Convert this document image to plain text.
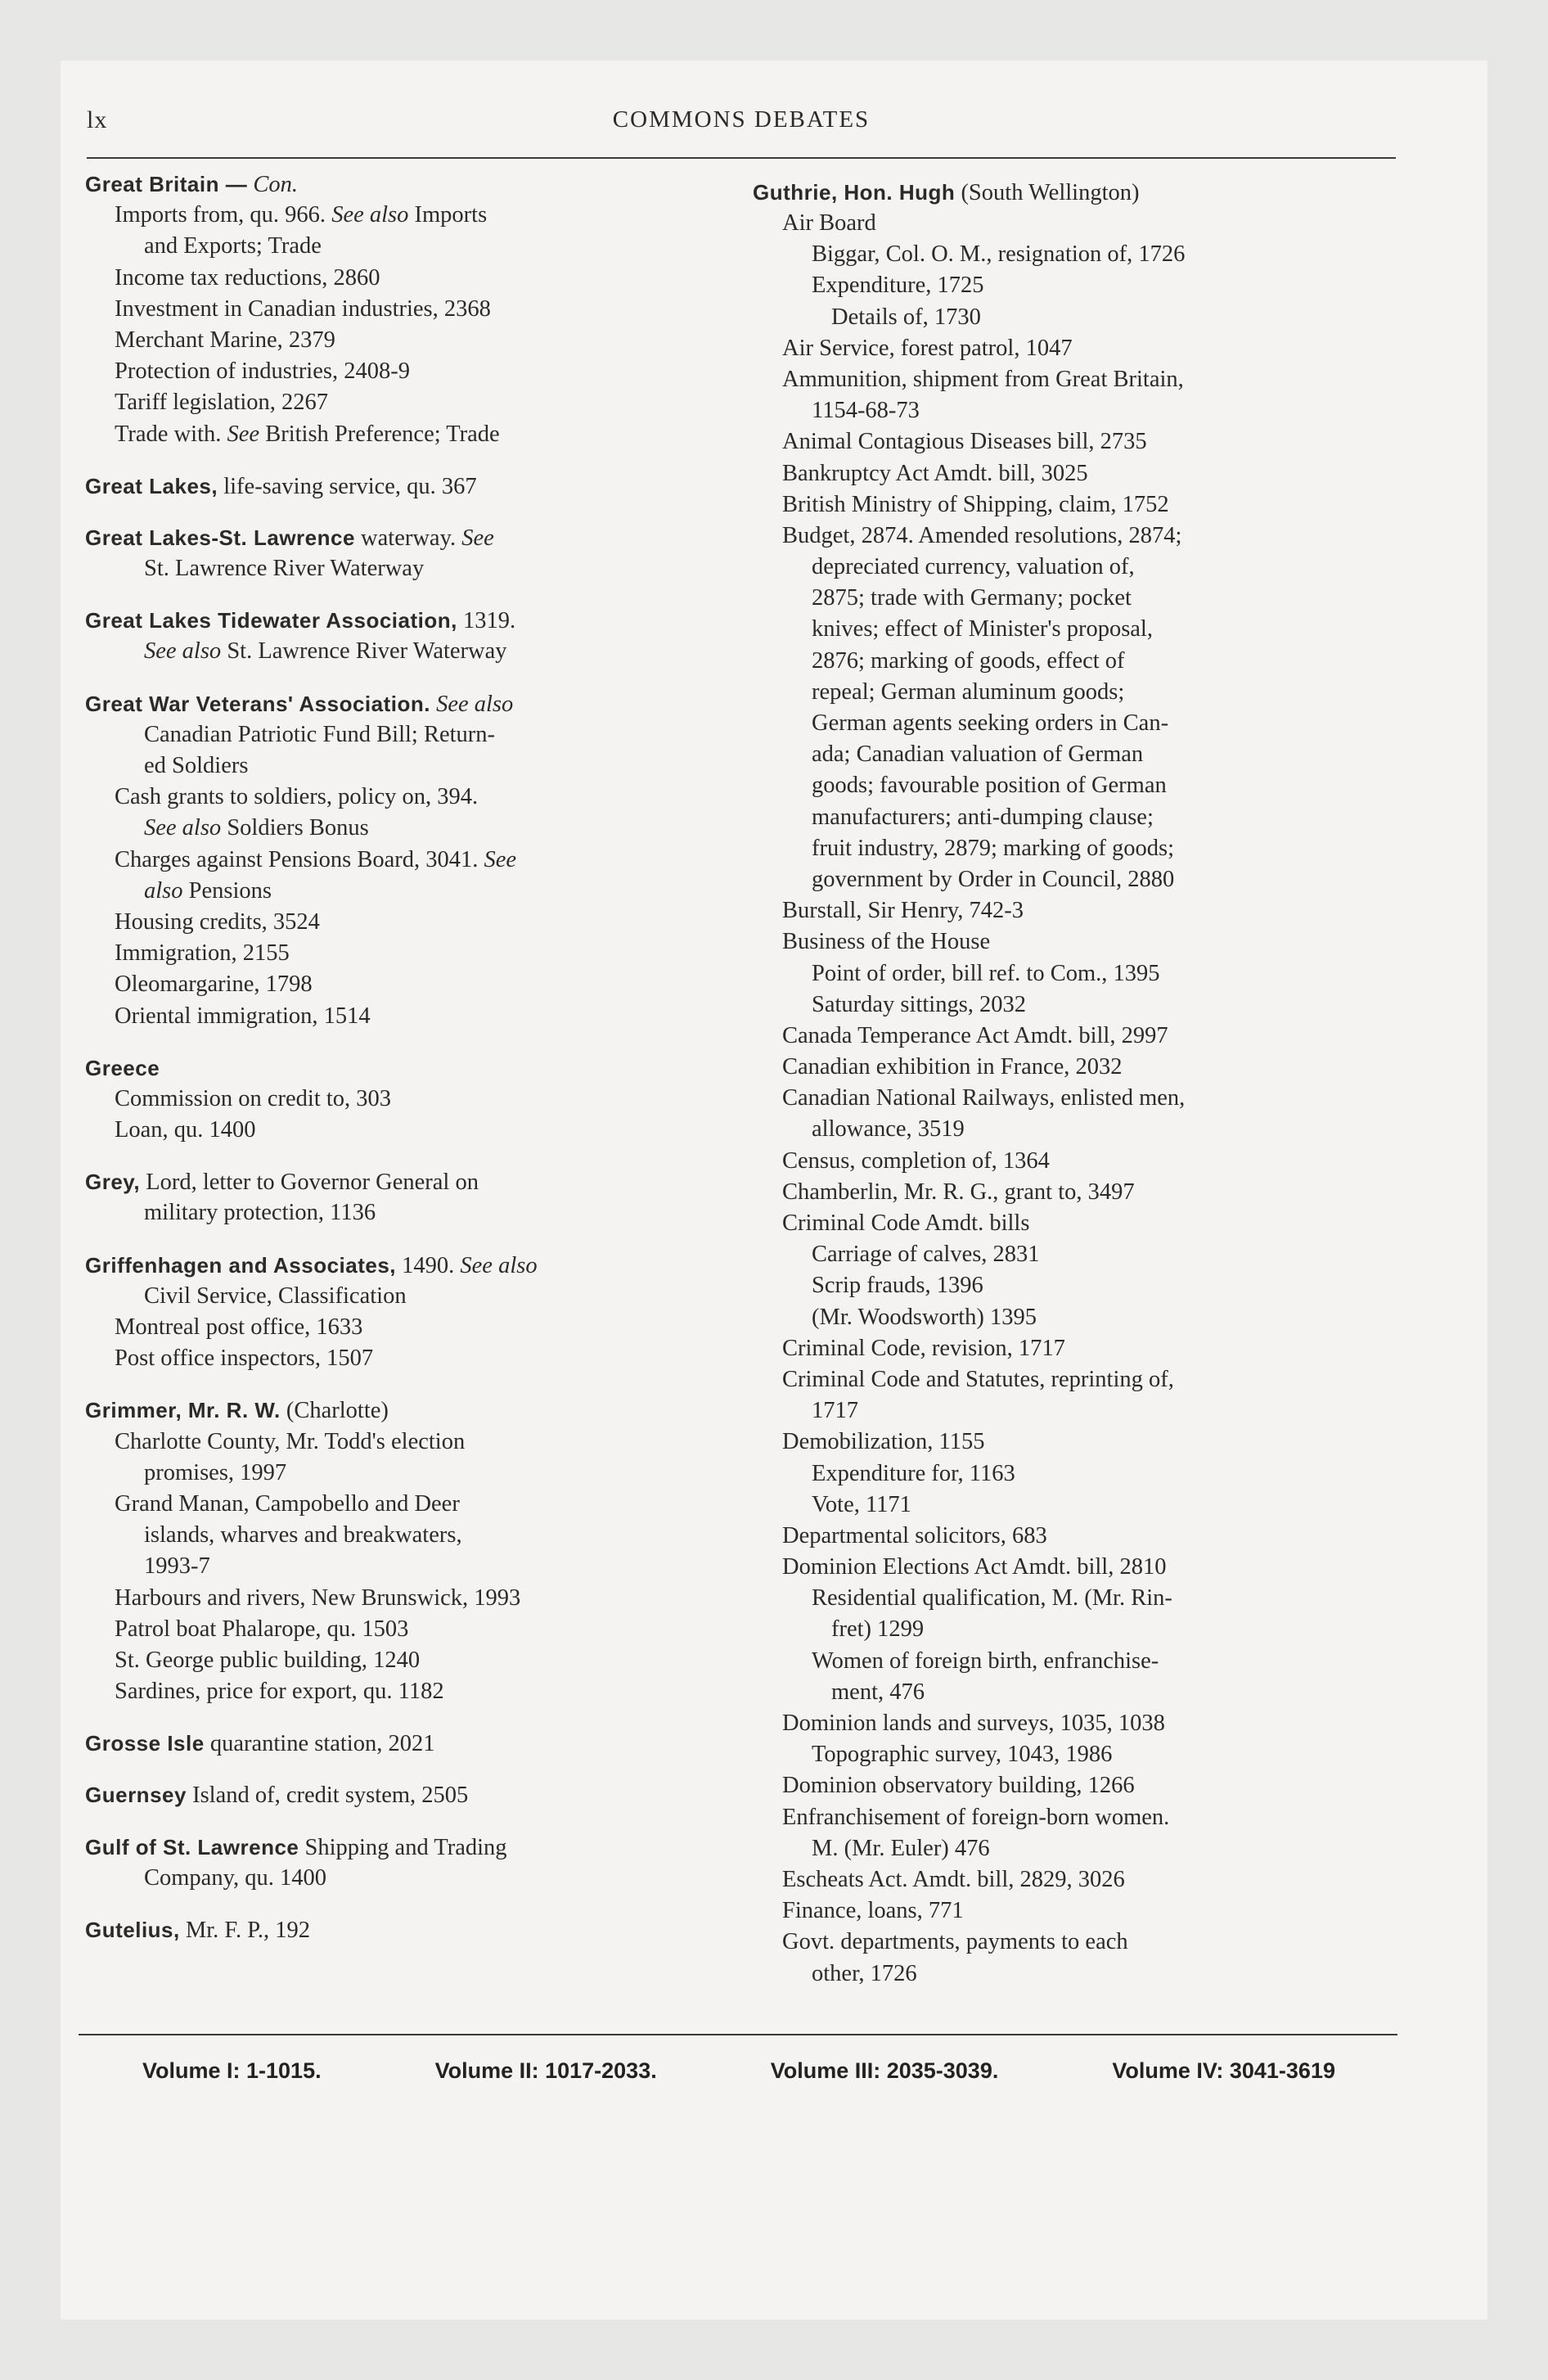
lx	COMMONS DEBATES
Great Britain — Con.
Imports from, qu. 966. See also Imports
and Exports; Trade
Income tax reductions, 2860
Investment in Canadian industries, 2368
Merchant Marine, 2379
Protection of industries, 2408-9
Tariff legislation, 2267
Trade with. See British Preference; Trade
Great Lakes, life-saving service, qu. 367
Great Lakes-St. Lawrence waterway. See
St. Lawrence River Waterway
Great Lakes Tidewater Association, 1319.
See also St. Lawrence River Waterway
Great War Veterans' Association. See also
Canadian Patriotic Fund Bill; Return-
ed Soldiers
Cash grants to soldiers, policy on, 394.
See also Soldiers Bonus
Charges against Pensions Board, 3041. See
also Pensions
Housing credits, 3524
Immigration, 2155
Oleomargarine, 1798
Oriental immigration, 1514
Greece
Commission on credit to, 303
Loan, qu. 1400
Grey, Lord, letter to Governor General on
military protection, 1136
Griffenhagen and Associates, 1490. See also
Civil Service, Classification
Montreal post office, 1633
Post office inspectors, 1507
Grimmer, Mr. R. W. (Charlotte)
Charlotte County, Mr. Todd's election
promises, 1997
Grand Manan, Campobello and Deer
islands, wharves and breakwaters,
1993-7
Harbours and rivers, New Brunswick, 1993
Patrol boat Phalarope, qu. 1503
St. George public building, 1240
Sardines, price for export, qu. 1182
Grosse Isle quarantine station, 2021
Guernsey Island of, credit system, 2505
Gulf of St. Lawrence Shipping and Trading
Company, qu. 1400
Gutelius, Mr. F. P., 192
Guthrie, Hon. Hugh (South Wellington)
Air Board
Biggar, Col. O. M., resignation of, 1726
Expenditure, 1725
Details of, 1730
Air Service, forest patrol, 1047
Ammunition, shipment from Great Britain,
1154-68-73
Animal Contagious Diseases bill, 2735
Bankruptcy Act Amdt. bill, 3025
British Ministry of Shipping, claim, 1752
Budget, 2874. Amended resolutions, 2874;
depreciated currency, valuation of,
2875; trade with Germany; pocket
knives; effect of Minister's proposal,
2876; marking of goods, effect of
repeal; German aluminum goods;
German agents seeking orders in Can-
ada; Canadian valuation of German
goods; favourable position of German
manufacturers; anti-dumping clause;
fruit industry, 2879; marking of goods;
government by Order in Council, 2880
Burstall, Sir Henry, 742-3
Business of the House
Point of order, bill ref. to Com., 1395
Saturday sittings, 2032
Canada Temperance Act Amdt. bill, 2997
Canadian exhibition in France, 2032
Canadian National Railways, enlisted men,
allowance, 3519
Census, completion of, 1364
Chamberlin, Mr. R. G., grant to, 3497
Criminal Code Amdt. bills
Carriage of calves, 2831
Scrip frauds, 1396
(Mr. Woodsworth) 1395
Criminal Code, revision, 1717
Criminal Code and Statutes, reprinting of,
1717
Demobilization, 1155
Expenditure for, 1163
Vote, 1171
Departmental solicitors, 683
Dominion Elections Act Amdt. bill, 2810
Residential qualification, M. (Mr. Rin-
fret) 1299
Women of foreign birth, enfranchise-
ment, 476
Dominion lands and surveys, 1035, 1038
Topographic survey, 1043, 1986
Dominion observatory building, 1266
Enfranchisement of foreign-born women.
M. (Mr. Euler) 476
Escheats Act. Amdt. bill, 2829, 3026
Finance, loans, 771
Govt. departments, payments to each
other, 1726
Volume I: 1-1015.	Volume II: 1017-2033.	Volume III: 2035-3039.	Volume IV: 3041-3619
